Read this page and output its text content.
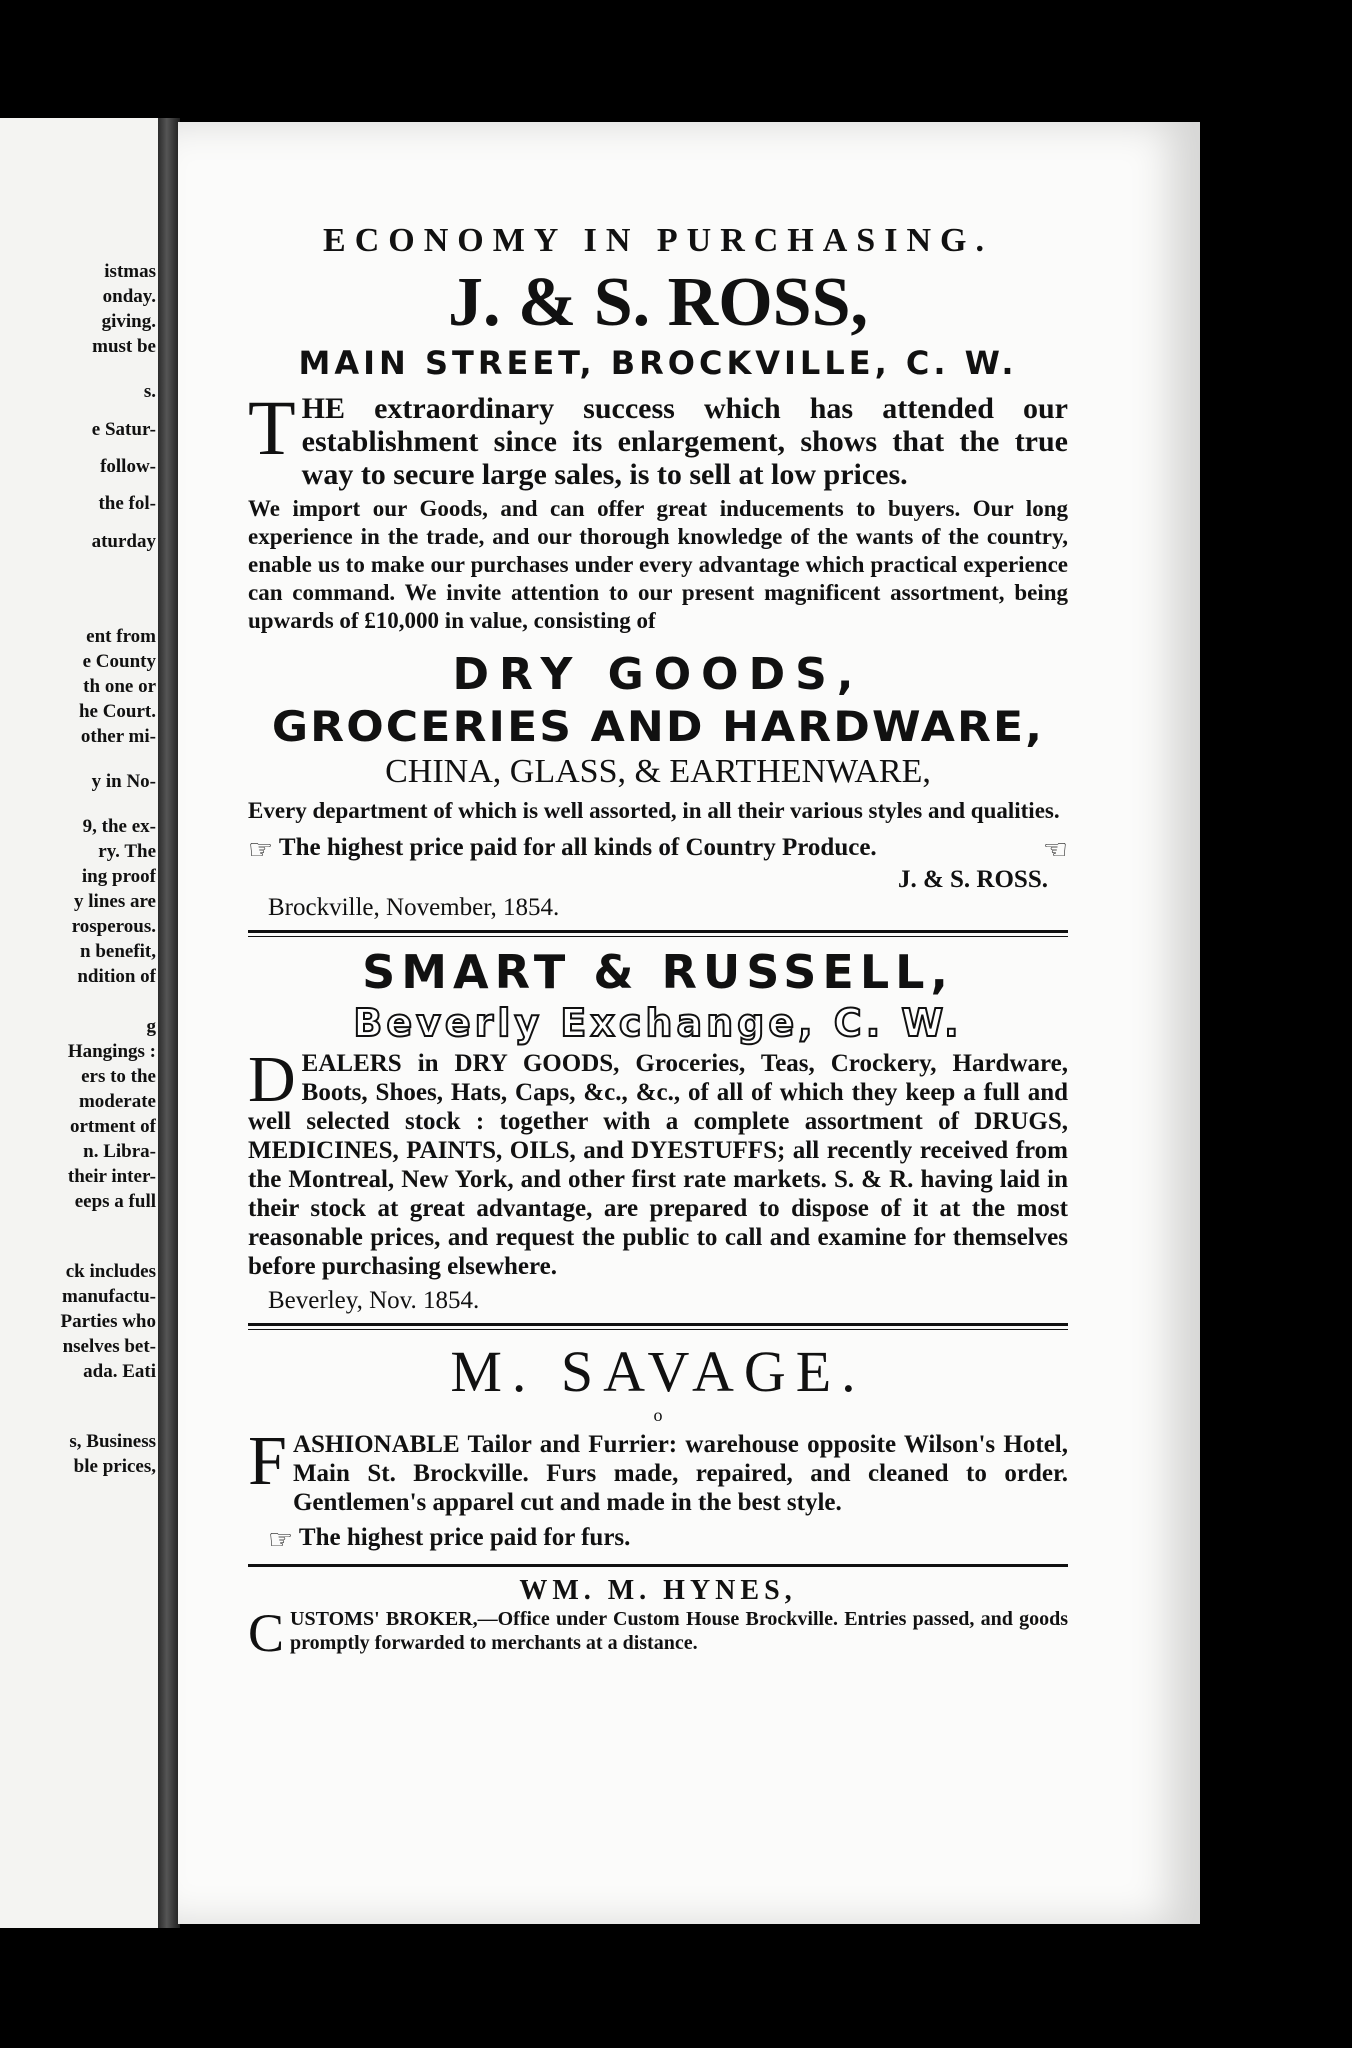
istmas
onday.
giving.
must be
s.
e Satur-
follow-
the fol-
aturday
ent from
e County
th one or
he Court.
other mi-
y in No-
9, the ex-
ry. The
ing proof
y lines are
rosperous.
n benefit,
ndition of
g
Hangings :
ers to the
moderate
ortment of
n. Libra-
their inter-
eeps a full
ck includes
manufactu-
Parties who
nselves bet-
ada. Eati
s, Business
ble prices,

ECONOMY IN PURCHASING.

J. & S. ROSS,

MAIN STREET, BROCKVILLE, C. W.

THE extraordinary success which has attended our establishment since its enlargement, shows that the true way to secure large sales, is to sell at low prices.

We import our Goods, and can offer great inducements to buyers. Our long experience in the trade, and our thorough knowledge of the wants of the country, enable us to make our purchases under every advantage which practical experience can command. We invite attention to our present magnificent assortment, being upwards of £10,000 in value, consisting of

DRY GOODS,

GROCERIES AND HARDWARE,

CHINA, GLASS, & EARTHENWARE,

Every department of which is well assorted, in all their various styles and qualities.

☞ The highest price paid for all kinds of Country Produce.	☜

J. & S. ROSS.

Brockville, November, 1854.

SMART & RUSSELL,

Beverly Exchange, C. W.

DEALERS in DRY GOODS, Groceries, Teas, Crockery, Hardware, Boots, Shoes, Hats, Caps, &c., &c., of all of which they keep a full and well selected stock : together with a complete assortment of DRUGS, MEDICINES, PAINTS, OILS, and DYESTUFFS; all recently received from the Montreal, New York, and other first rate markets. S. & R. having laid in their stock at great advantage, are prepared to dispose of it at the most reasonable prices, and request the public to call and examine for themselves before purchasing elsewhere.

Beverley, Nov. 1854.

M. SAVAGE.

o

FASHIONABLE Tailor and Furrier: warehouse opposite Wilson's Hotel, Main St. Brockville. Furs made, repaired, and cleaned to order. Gentlemen's apparel cut and made in the best style.

☞ The highest price paid for furs.

WM. M. HYNES,

CUSTOMS' BROKER,—Office under Custom House Brockville. Entries passed, and goods promptly forwarded to merchants at a distance.
